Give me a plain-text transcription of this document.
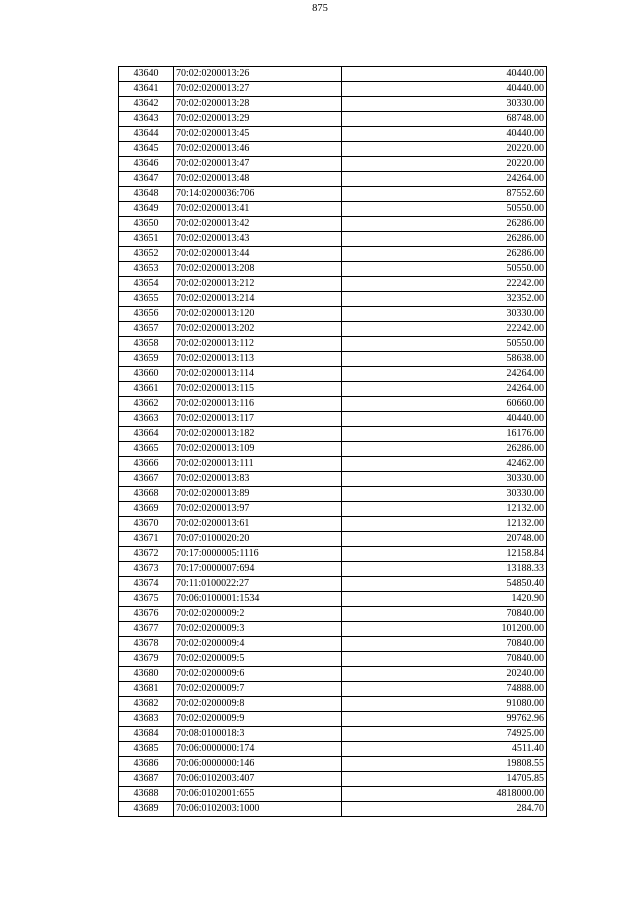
875
43640	70:02:0200013:26	40440.00
43641	70:02:0200013:27	40440.00
43642	70:02:0200013:28	30330.00
43643	70:02:0200013:29	68748.00
43644	70:02:0200013:45	40440.00
43645	70:02:0200013:46	20220.00
43646	70:02:0200013:47	20220.00
43647	70:02:0200013:48	24264.00
43648	70:14:0200036:706	87552.60
43649	70:02:0200013:41	50550.00
43650	70:02:0200013:42	26286.00
43651	70:02:0200013:43	26286.00
43652	70:02:0200013:44	26286.00
43653	70:02:0200013:208	50550.00
43654	70:02:0200013:212	22242.00
43655	70:02:0200013:214	32352.00
43656	70:02:0200013:120	30330.00
43657	70:02:0200013:202	22242.00
43658	70:02:0200013:112	50550.00
43659	70:02:0200013:113	58638.00
43660	70:02:0200013:114	24264.00
43661	70:02:0200013:115	24264.00
43662	70:02:0200013:116	60660.00
43663	70:02:0200013:117	40440.00
43664	70:02:0200013:182	16176.00
43665	70:02:0200013:109	26286.00
43666	70:02:0200013:111	42462.00
43667	70:02:0200013:83	30330.00
43668	70:02:0200013:89	30330.00
43669	70:02:0200013:97	12132.00
43670	70:02:0200013:61	12132.00
43671	70:07:0100020:20	20748.00
43672	70:17:0000005:1116	12158.84
43673	70:17:0000007:694	13188.33
43674	70:11:0100022:27	54850.40
43675	70:06:0100001:1534	1420.90
43676	70:02:0200009:2	70840.00
43677	70:02:0200009:3	101200.00
43678	70:02:0200009:4	70840.00
43679	70:02:0200009:5	70840.00
43680	70:02:0200009:6	20240.00
43681	70:02:0200009:7	74888.00
43682	70:02:0200009:8	91080.00
43683	70:02:0200009:9	99762.96
43684	70:08:0100018:3	74925.00
43685	70:06:0000000:174	4511.40
43686	70:06:0000000:146	19808.55
43687	70:06:0102003:407	14705.85
43688	70:06:0102001:655	4818000.00
43689	70:06:0102003:1000	284.70
